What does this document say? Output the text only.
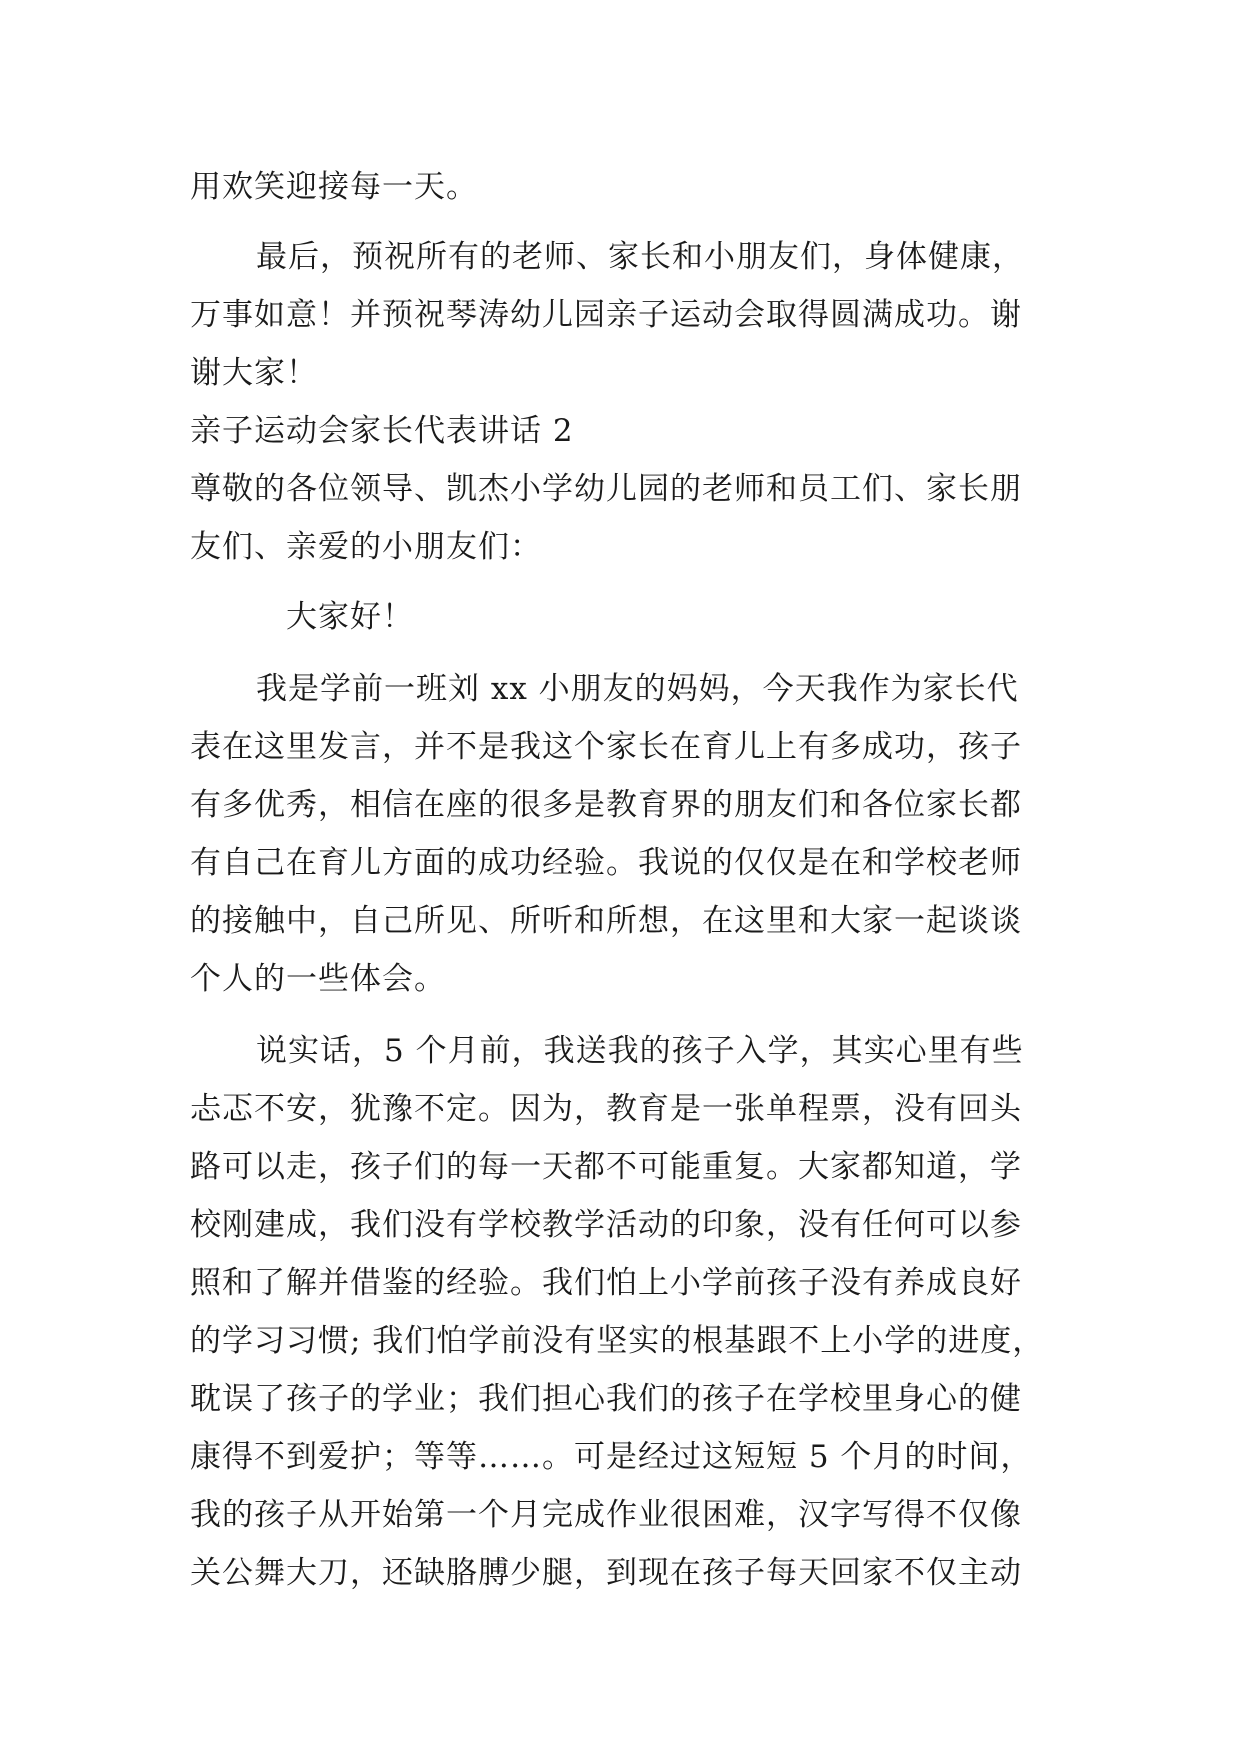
用欢笑迎接每一天。
最后，预祝所有的老师、家长和小朋友们，身体健康，
万事如意！并预祝琴涛幼儿园亲子运动会取得圆满成功。谢
谢大家！
亲子运动会家长代表讲话 2
尊敬的各位领导、凯杰小学幼儿园的老师和员工们、家长朋
友们、亲爱的小朋友们：
大家好！
我是学前一班刘 xx 小朋友的妈妈，今天我作为家长代
表在这里发言，并不是我这个家长在育儿上有多成功，孩子
有多优秀，相信在座的很多是教育界的朋友们和各位家长都
有自己在育儿方面的成功经验。我说的仅仅是在和学校老师
的接触中，自己所见、所听和所想，在这里和大家一起谈谈
个人的一些体会。
说实话，5 个月前，我送我的孩子入学，其实心里有些
忐忑不安，犹豫不定。因为，教育是一张单程票，没有回头
路可以走，孩子们的每一天都不可能重复。大家都知道，学
校刚建成，我们没有学校教学活动的印象，没有任何可以参
照和了解并借鉴的经验。我们怕上小学前孩子没有养成良好
的学习习惯; 我们怕学前没有坚实的根基跟不上小学的进度，
耽误了孩子的学业；我们担心我们的孩子在学校里身心的健
康得不到爱护；等等……。可是经过这短短 5 个月的时间，
我的孩子从开始第一个月完成作业很困难，汉字写得不仅像
关公舞大刀，还缺胳膊少腿，到现在孩子每天回家不仅主动
